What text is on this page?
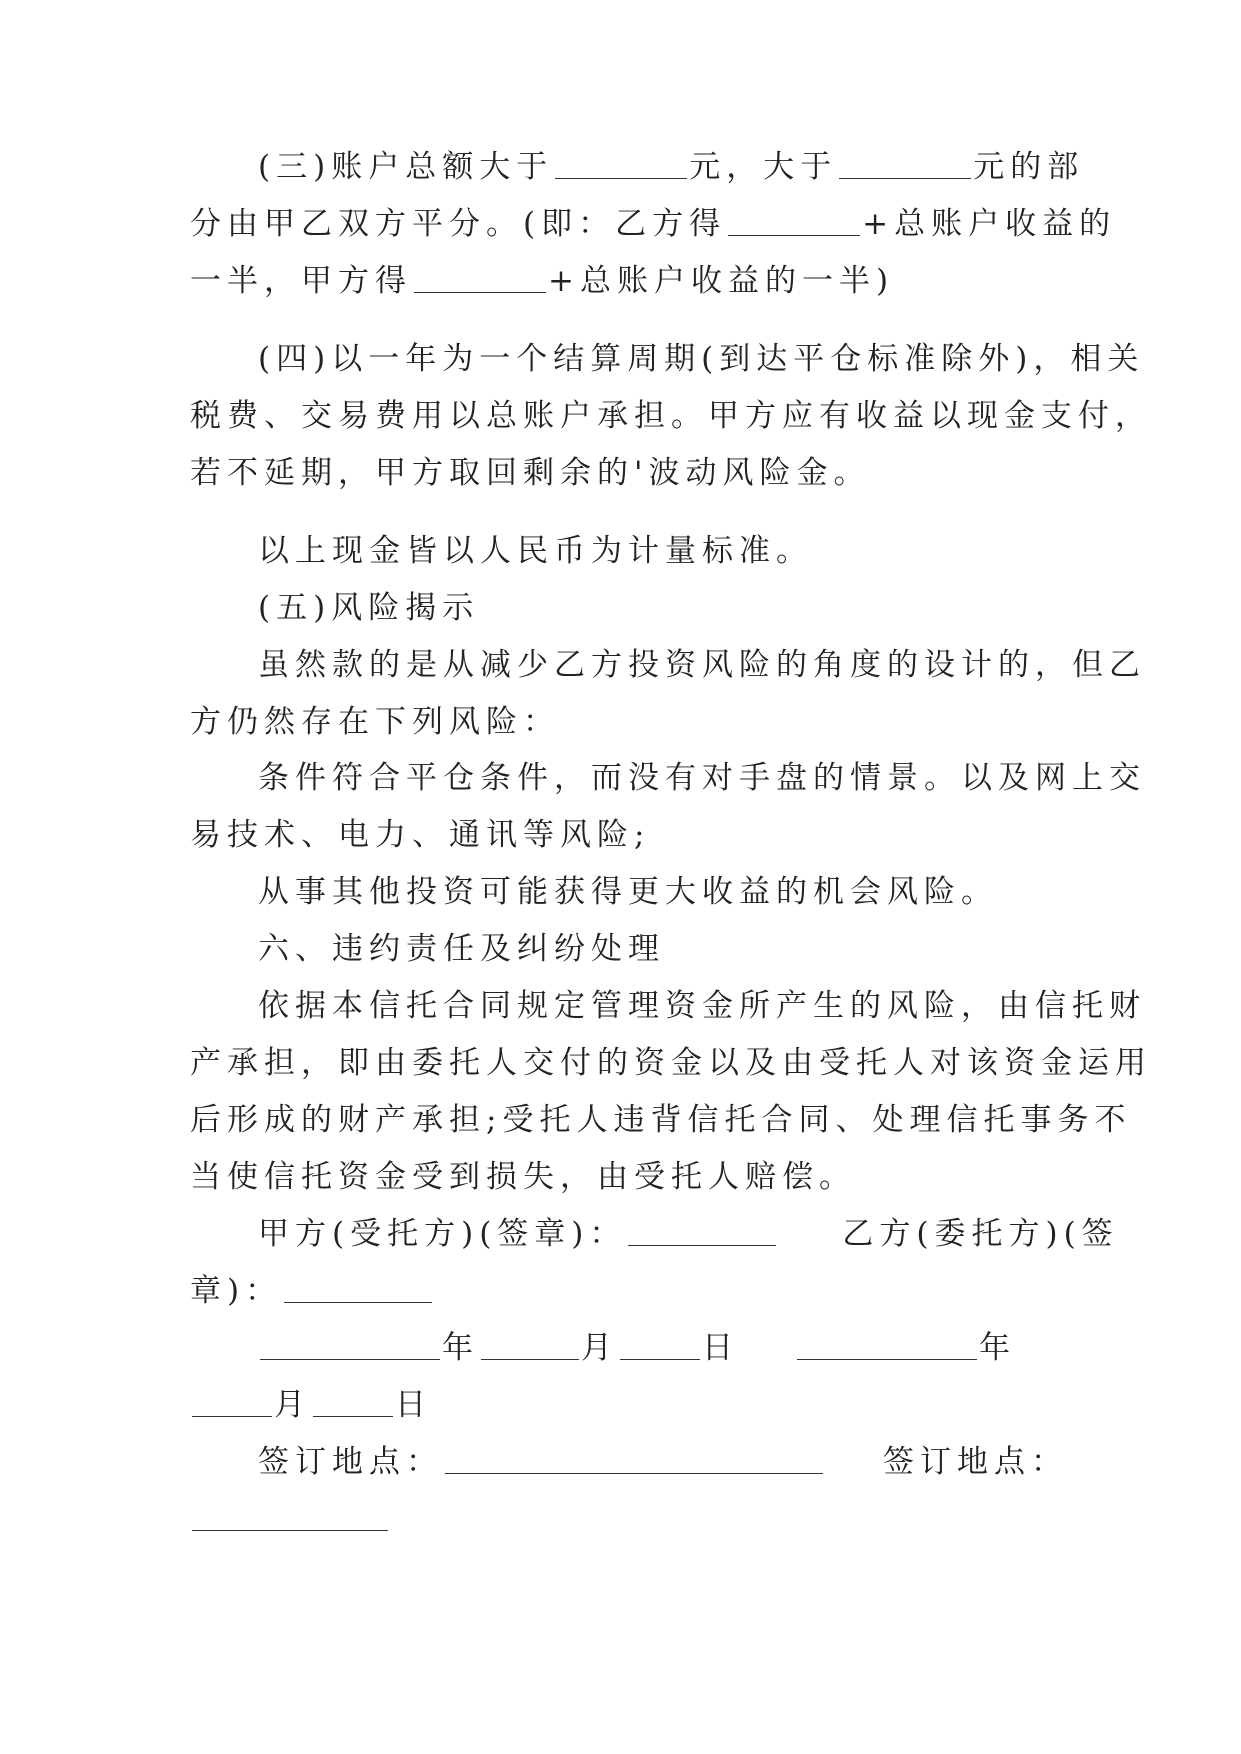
(三)账户总额大于	元，大于	元的部
分由甲乙双方平分。(即：乙方得	+总账户收益的
一半，甲方得	+总账户收益的一半)
(四)以一年为一个结算周期(到达平仓标准除外)，相关
税费、交易费用以总账户承担。甲方应有收益以现金支付，
若不延期，甲方取回剩余的'波动风险金。
以上现金皆以人民币为计量标准。
(五)风险揭示
虽然款的是从减少乙方投资风险的角度的设计的，但乙
方仍然存在下列风险：
条件符合平仓条件，而没有对手盘的情景。以及网上交
易技术、电力、通讯等风险;
从事其他投资可能获得更大收益的机会风险。
六、违约责任及纠纷处理
依据本信托合同规定管理资金所产生的风险，由信托财
产承担，即由委托人交付的资金以及由受托人对该资金运用
后形成的财产承担;受托人违背信托合同、处理信托事务不
当使信托资金受到损失，由受托人赔偿。
甲方(受托方)(签章)：	乙方(委托方)(签
章)：
年	月	日	年
月	日
签订地点：	签订地点：
